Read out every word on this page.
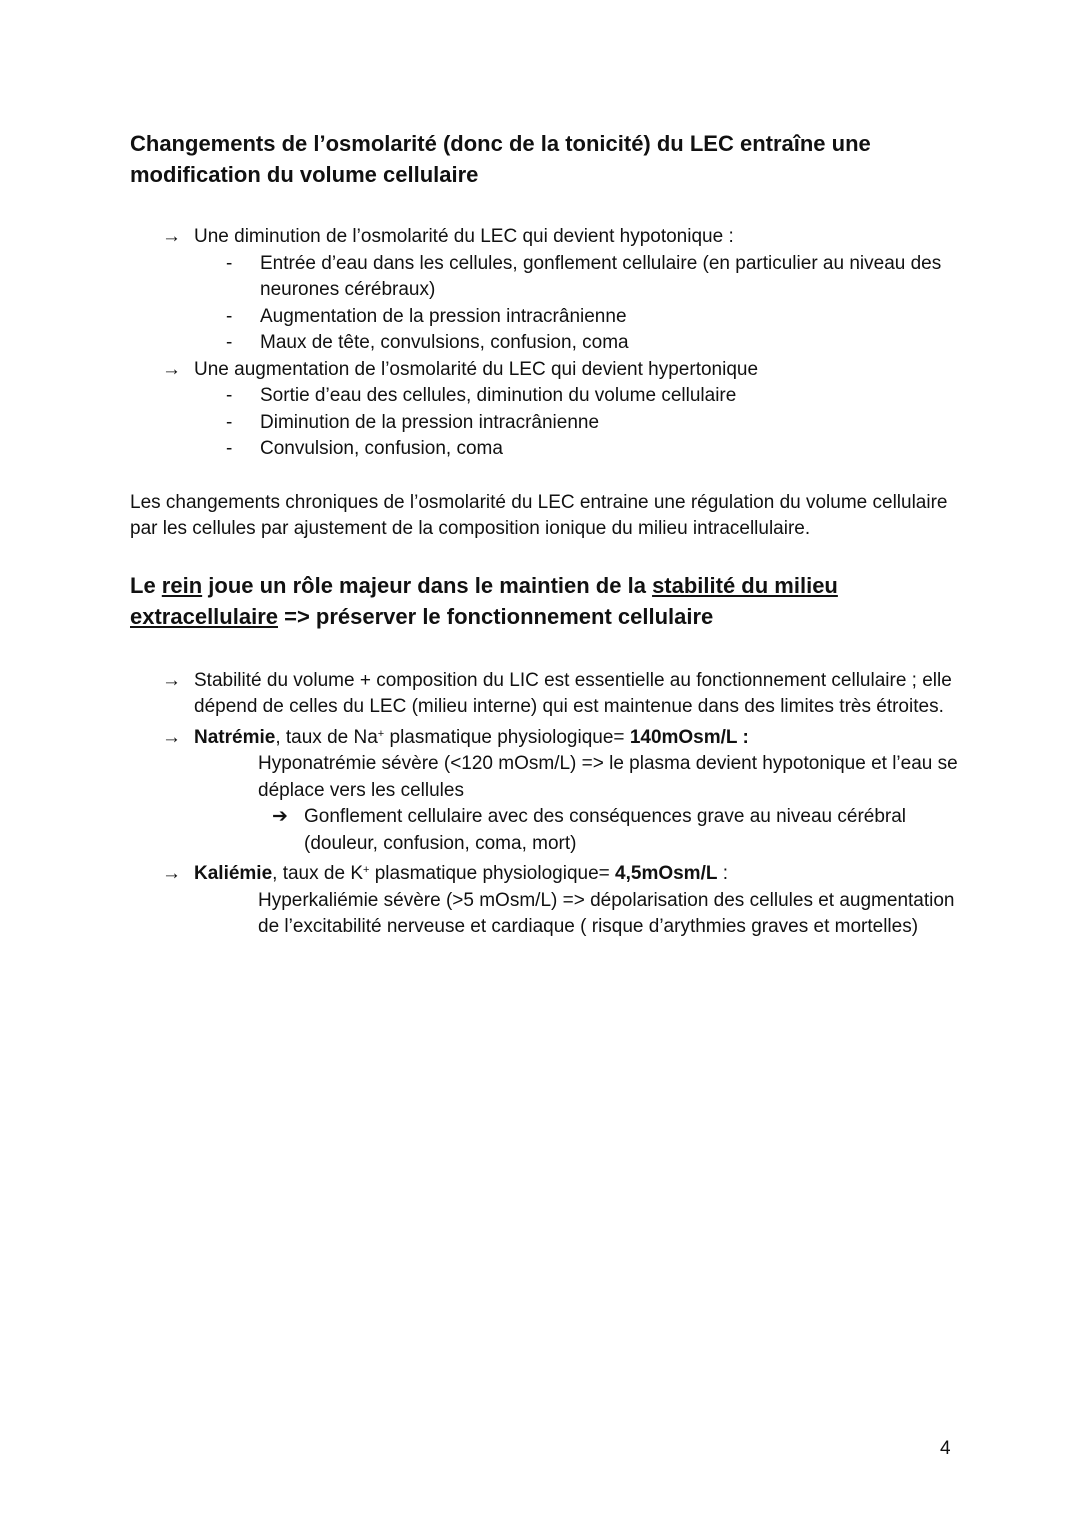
Changements de l’osmolarité (donc de la tonicité) du LEC entraîne une modification du volume cellulaire

→ Une diminution de l’osmolarité du LEC qui devient hypotonique :
- Entrée d’eau dans les cellules, gonflement cellulaire (en particulier au niveau des neurones cérébraux)
- Augmentation de la pression intracrânienne
- Maux de tête, convulsions, confusion, coma
→ Une augmentation de l’osmolarité du LEC qui devient hypertonique
- Sortie d’eau des cellules, diminution du volume cellulaire
- Diminution de la pression intracrânienne
- Convulsion, confusion, coma

Les changements chroniques de l’osmolarité du LEC entraine une régulation du volume cellulaire par les cellules par ajustement de la composition ionique du milieu intracellulaire.

Le rein joue un rôle majeur dans le maintien de la stabilité du milieu extracellulaire => préserver le fonctionnement cellulaire

→ Stabilité du volume + composition du LIC est essentielle au fonctionnement cellulaire ; elle dépend de celles du LEC (milieu interne) qui est maintenue dans des limites très étroites.
→ Natrémie, taux de Na+ plasmatique physiologique= 140mOsm/L :
Hyponatrémie sévère (<120 mOsm/L) => le plasma devient hypotonique et l’eau se déplace vers les cellules
➔ Gonflement cellulaire avec des conséquences grave au niveau cérébral (douleur, confusion, coma, mort)
→ Kaliémie, taux de K+ plasmatique physiologique= 4,5mOsm/L :
Hyperkaliémie sévère (>5 mOsm/L) => dépolarisation des cellules et augmentation de l’excitabilité nerveuse et cardiaque ( risque d’arythmies graves et mortelles)
4
